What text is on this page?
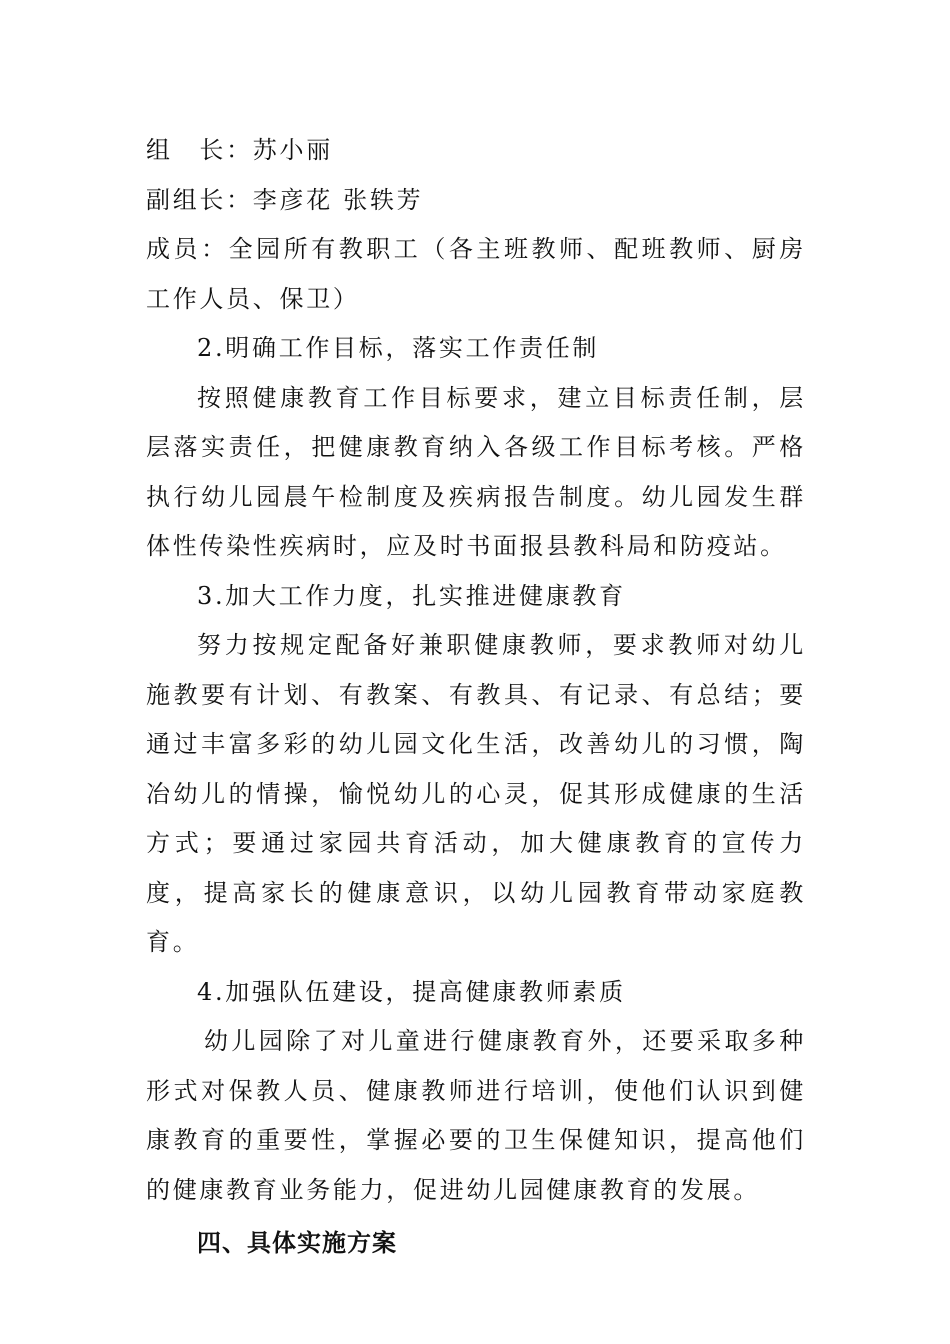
组　长：苏小丽

副组长：李彦花 张轶芳

成员：全园所有教职工（各主班教师、配班教师、厨房工作人员、保卫）

2.明确工作目标，落实工作责任制

按照健康教育工作目标要求，建立目标责任制，层层落实责任，把健康教育纳入各级工作目标考核。严格执行幼儿园晨午检制度及疾病报告制度。幼儿园发生群体性传染性疾病时，应及时书面报县教科局和防疫站。

3.加大工作力度，扎实推进健康教育

努力按规定配备好兼职健康教师，要求教师对幼儿施教要有计划、有教案、有教具、有记录、有总结；要通过丰富多彩的幼儿园文化生活，改善幼儿的习惯，陶冶幼儿的情操，愉悦幼儿的心灵，促其形成健康的生活方式；要通过家园共育活动，加大健康教育的宣传力度，提高家长的健康意识，以幼儿园教育带动家庭教育。

4.加强队伍建设，提高健康教师素质

幼儿园除了对儿童进行健康教育外，还要采取多种形式对保教人员、健康教师进行培训，使他们认识到健康教育的重要性，掌握必要的卫生保健知识，提高他们的健康教育业务能力，促进幼儿园健康教育的发展。

四、具体实施方案
